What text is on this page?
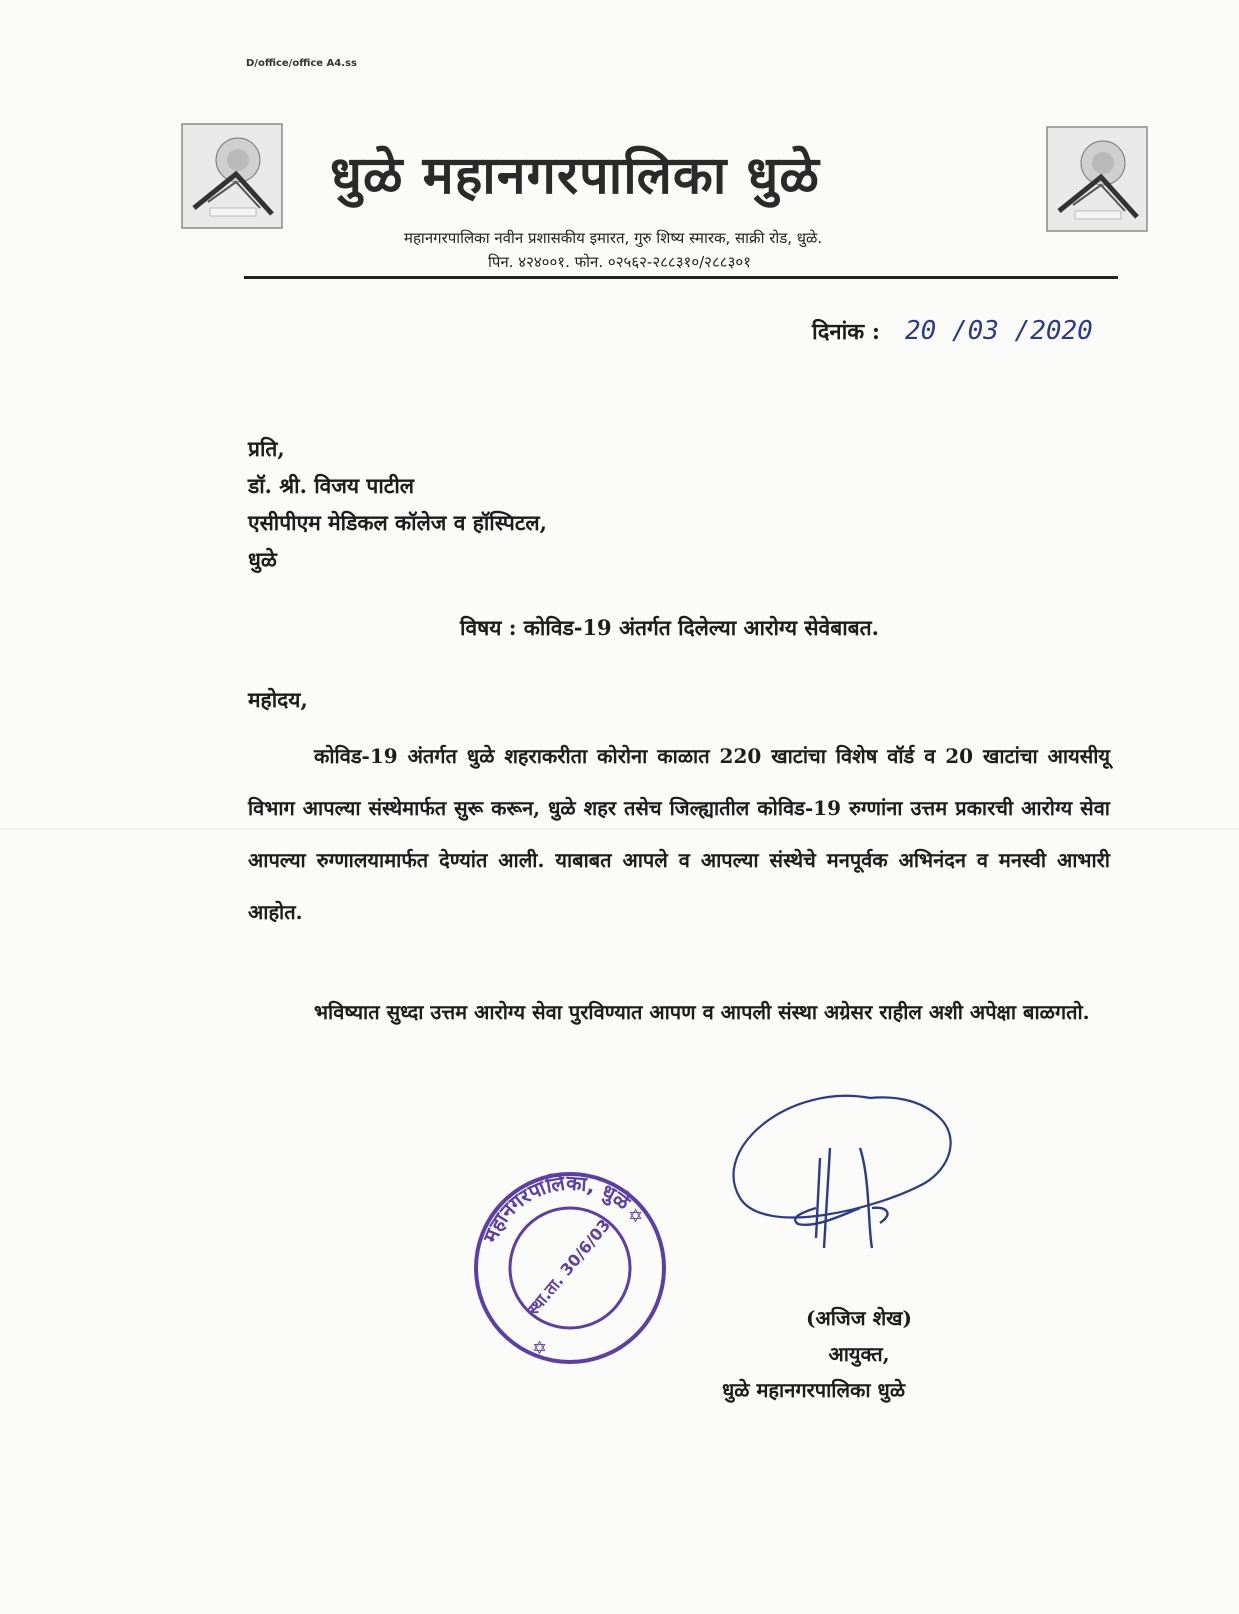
D/office/office A4.ss
धुळे महानगरपालिका धुळे
महानगरपालिका नवीन प्रशासकीय इमारत, गुरु शिष्य स्मारक, साक्री रोड, धुळे.
पिन. ४२४००१. फोन. ०२५६२-२८८३१०/२८८३०१
दिनांक : 20 /03 /2020
प्रति,
डॉ. श्री. विजय पाटील
एसीपीएम मेडिकल कॉलेज व हॉस्पिटल,
धुळे
विषय : कोविड-19 अंतर्गत दिलेल्या आरोग्य सेवेबाबत.
महोदय,

कोविड-19 अंतर्गत धुळे शहराकरीता कोरोना काळात 220 खाटांचा विशेष वॉर्ड व 20 खाटांचा आयसीयू विभाग आपल्या संस्थेमार्फत सुरू करून, धुळे शहर तसेच जिल्ह्यातील कोविड-19 रुग्णांना उत्तम प्रकारची आरोग्य सेवा आपल्या रुग्णालयामार्फत देण्यांत आली. याबाबत आपले व आपल्या संस्थेचे मनपूर्वक अभिनंदन व मनस्वी आभारी आहोत.

भविष्यात सुध्दा उत्तम आरोग्य सेवा पुरविण्यात आपण व आपली संस्था अग्रेसर राहील अशी अपेक्षा बाळगतो.

महानगरपालिका, धुळे
स्था.ता. 30/6/03 ✡
✡
(अजिज शेख)
आयुक्त,
धुळे महानगरपालिका धुळे
